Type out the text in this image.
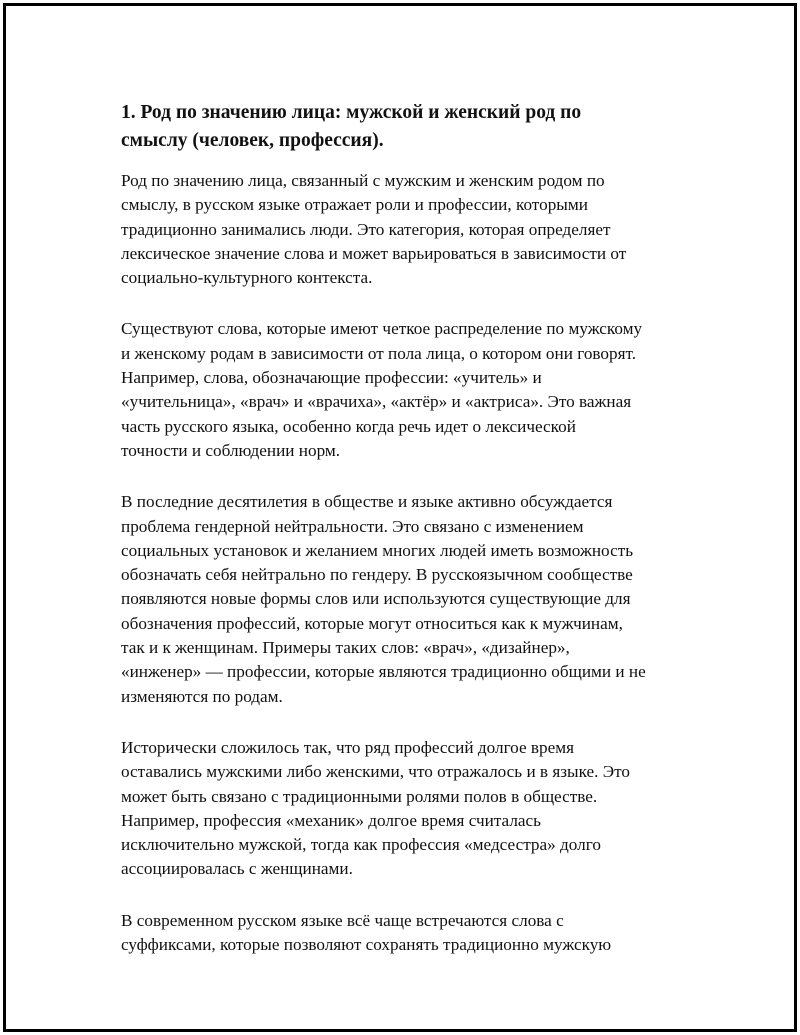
1. Род по значению лица: мужской и женский род по
смыслу (человек, профессия).

Род по значению лица, связанный с мужским и женским родом по
смыслу, в русском языке отражает роли и профессии, которыми
традиционно занимались люди. Это категория, которая определяет
лексическое значение слова и может варьироваться в зависимости от
социально-культурного контекста.

Существуют слова, которые имеют четкое распределение по мужскому
и женскому родам в зависимости от пола лица, о котором они говорят.
Например, слова, обозначающие профессии: «учитель» и
«учительница», «врач» и «врачиха», «актёр» и «актриса». Это важная
часть русского языка, особенно когда речь идет о лексической
точности и соблюдении норм.

В последние десятилетия в обществе и языке активно обсуждается
проблема гендерной нейтральности. Это связано с изменением
социальных установок и желанием многих людей иметь возможность
обозначать себя нейтрально по гендеру. В русскоязычном сообществе
появляются новые формы слов или используются существующие для
обозначения профессий, которые могут относиться как к мужчинам,
так и к женщинам. Примеры таких слов: «врач», «дизайнер»,
«инженер» — профессии, которые являются традиционно общими и не
изменяются по родам.

Исторически сложилось так, что ряд профессий долгое время
оставались мужскими либо женскими, что отражалось и в языке. Это
может быть связано с традиционными ролями полов в обществе.
Например, профессия «механик» долгое время считалась
исключительно мужской, тогда как профессия «медсестра» долго
ассоциировалась с женщинами.

В современном русском языке всё чаще встречаются слова с
суффиксами, которые позволяют сохранять традиционно мужскую
